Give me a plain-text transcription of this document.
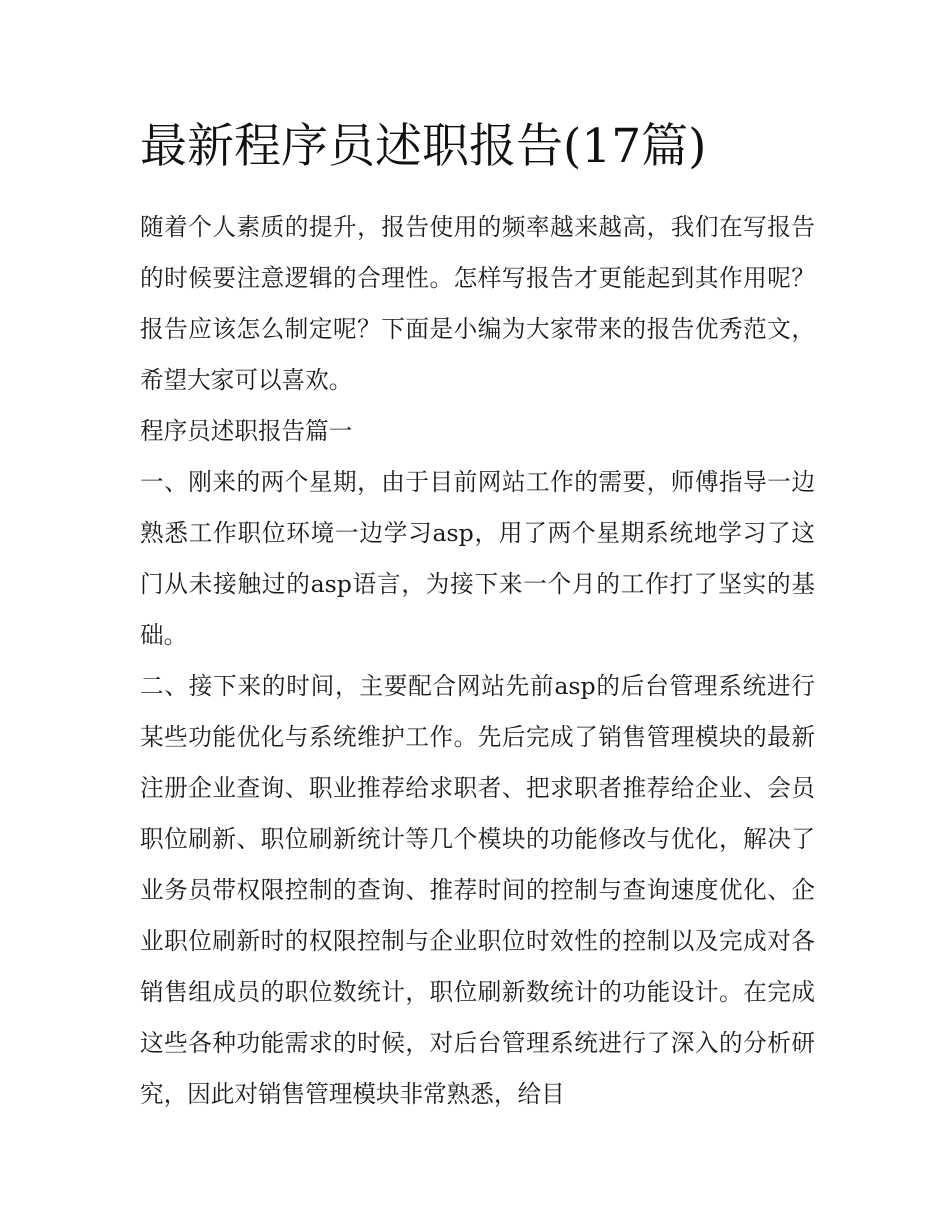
最新程序员述职报告(17篇)

随着个人素质的提升，报告使用的频率越来越高，我们在写报告的时候要注意逻辑的合理性。怎样写报告才更能起到其作用呢？报告应该怎么制定呢？下面是小编为大家带来的报告优秀范文，希望大家可以喜欢。

程序员述职报告篇一

一、刚来的两个星期，由于目前网站工作的需要，师傅指导一边熟悉工作职位环境一边学习asp，用了两个星期系统地学习了这门从未接触过的asp语言，为接下来一个月的工作打了坚实的基础。

二、接下来的时间，主要配合网站先前asp的后台管理系统进行某些功能优化与系统维护工作。先后完成了销售管理模块的最新注册企业查询、职业推荐给求职者、把求职者推荐给企业、会员职位刷新、职位刷新统计等几个模块的功能修改与优化，解决了业务员带权限控制的查询、推荐时间的控制与查询速度优化、企业职位刷新时的权限控制与企业职位时效性的控制以及完成对各销售组成员的职位数统计，职位刷新数统计的功能设计。在完成这些各种功能需求的时候，对后台管理系统进行了深入的分析研究，因此对销售管理模块非常熟悉，给目
